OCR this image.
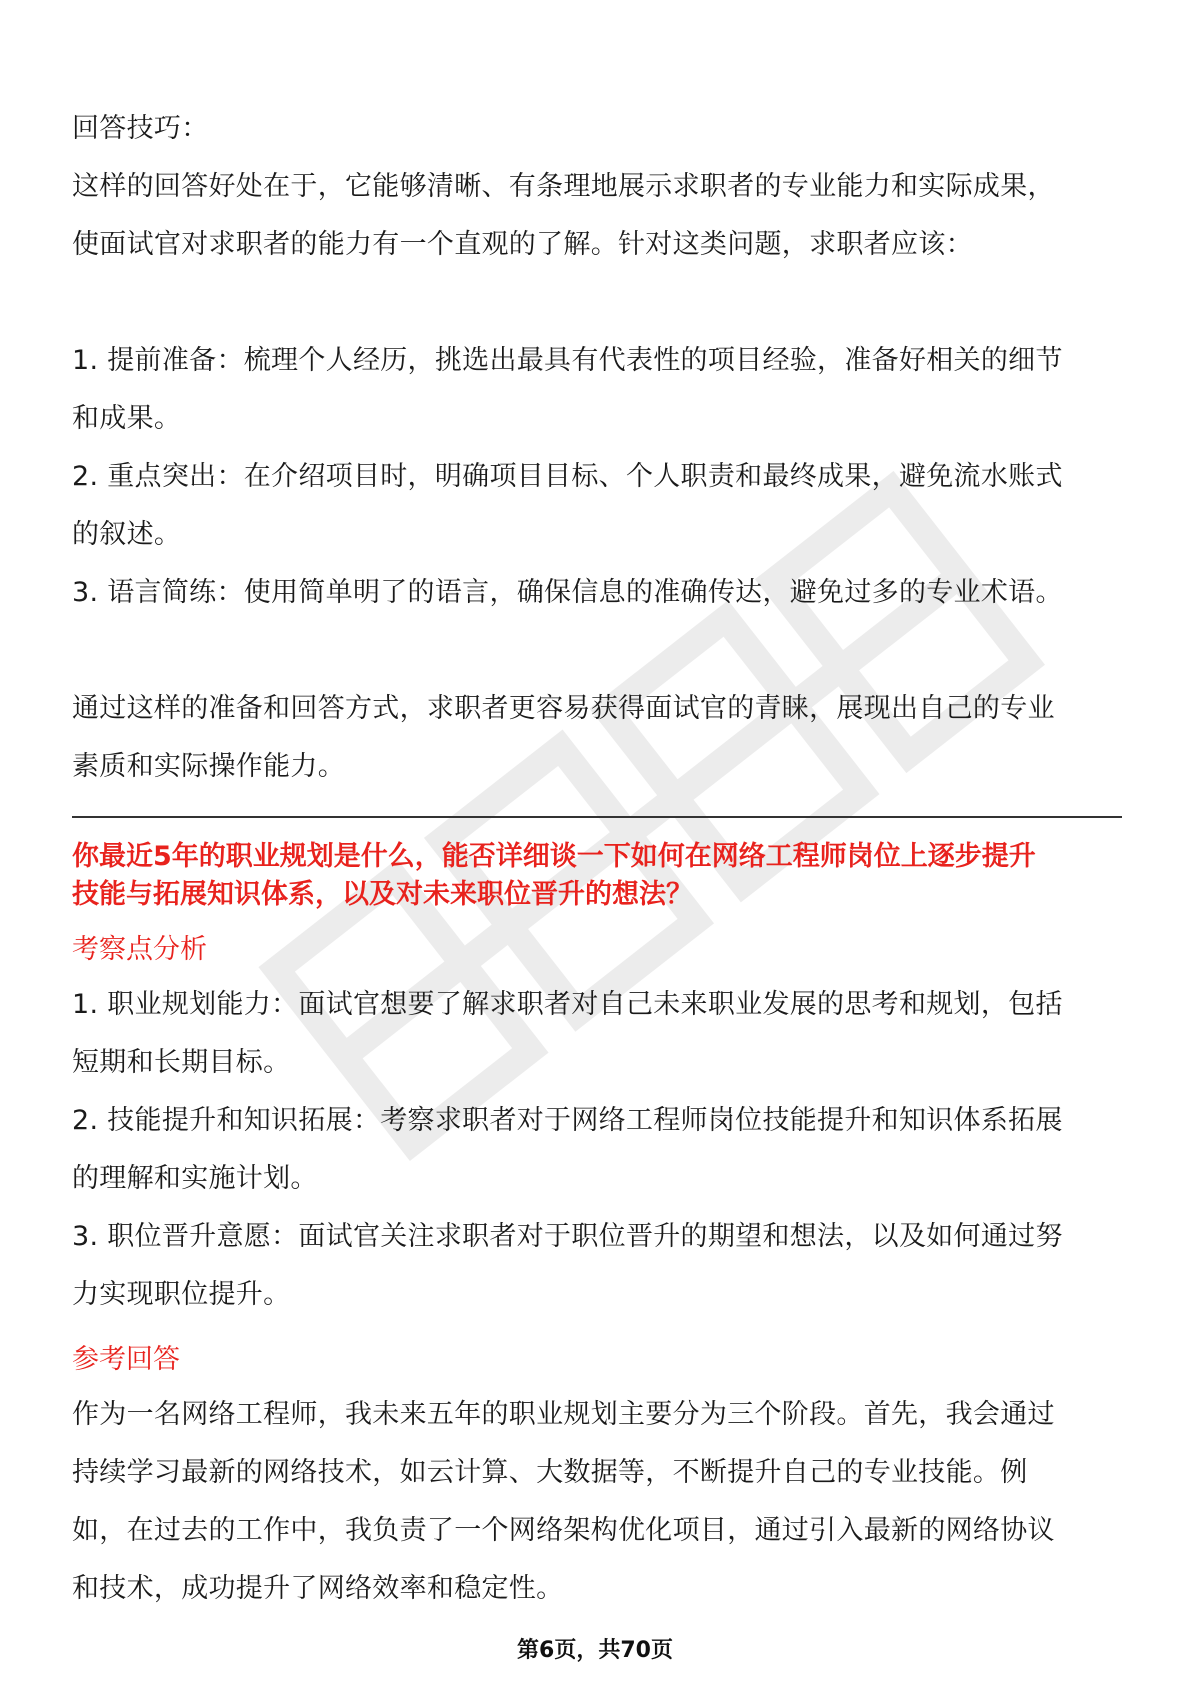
回答技巧：

这样的回答好处在于，它能够清晰、有条理地展示求职者的专业能力和实际成果，

使面试官对求职者的能力有一个直观的了解。针对这类问题，求职者应该：

1. 提前准备：梳理个人经历，挑选出最具有代表性的项目经验，准备好相关的细节

和成果。

2. 重点突出：在介绍项目时，明确项目目标、个人职责和最终成果，避免流水账式

的叙述。

3. 语言简练：使用简单明了的语言，确保信息的准确传达，避免过多的专业术语。

通过这样的准备和回答方式，求职者更容易获得面试官的青睐，展现出自己的专业

素质和实际操作能力。

你最近5年的职业规划是什么，能否详细谈一下如何在网络工程师岗位上逐步提升
技能与拓展知识体系，以及对未来职位晋升的想法？

考察点分析

1. 职业规划能力：面试官想要了解求职者对自己未来职业发展的思考和规划，包括

短期和长期目标。

2. 技能提升和知识拓展：考察求职者对于网络工程师岗位技能提升和知识体系拓展

的理解和实施计划。

3. 职位晋升意愿：面试官关注求职者对于职位晋升的期望和想法，以及如何通过努

力实现职位提升。

参考回答

作为一名网络工程师，我未来五年的职业规划主要分为三个阶段。首先，我会通过

持续学习最新的网络技术，如云计算、大数据等，不断提升自己的专业技能。例

如，在过去的工作中，我负责了一个网络架构优化项目，通过引入最新的网络协议

和技术，成功提升了网络效率和稳定性。

第6页，共70页
